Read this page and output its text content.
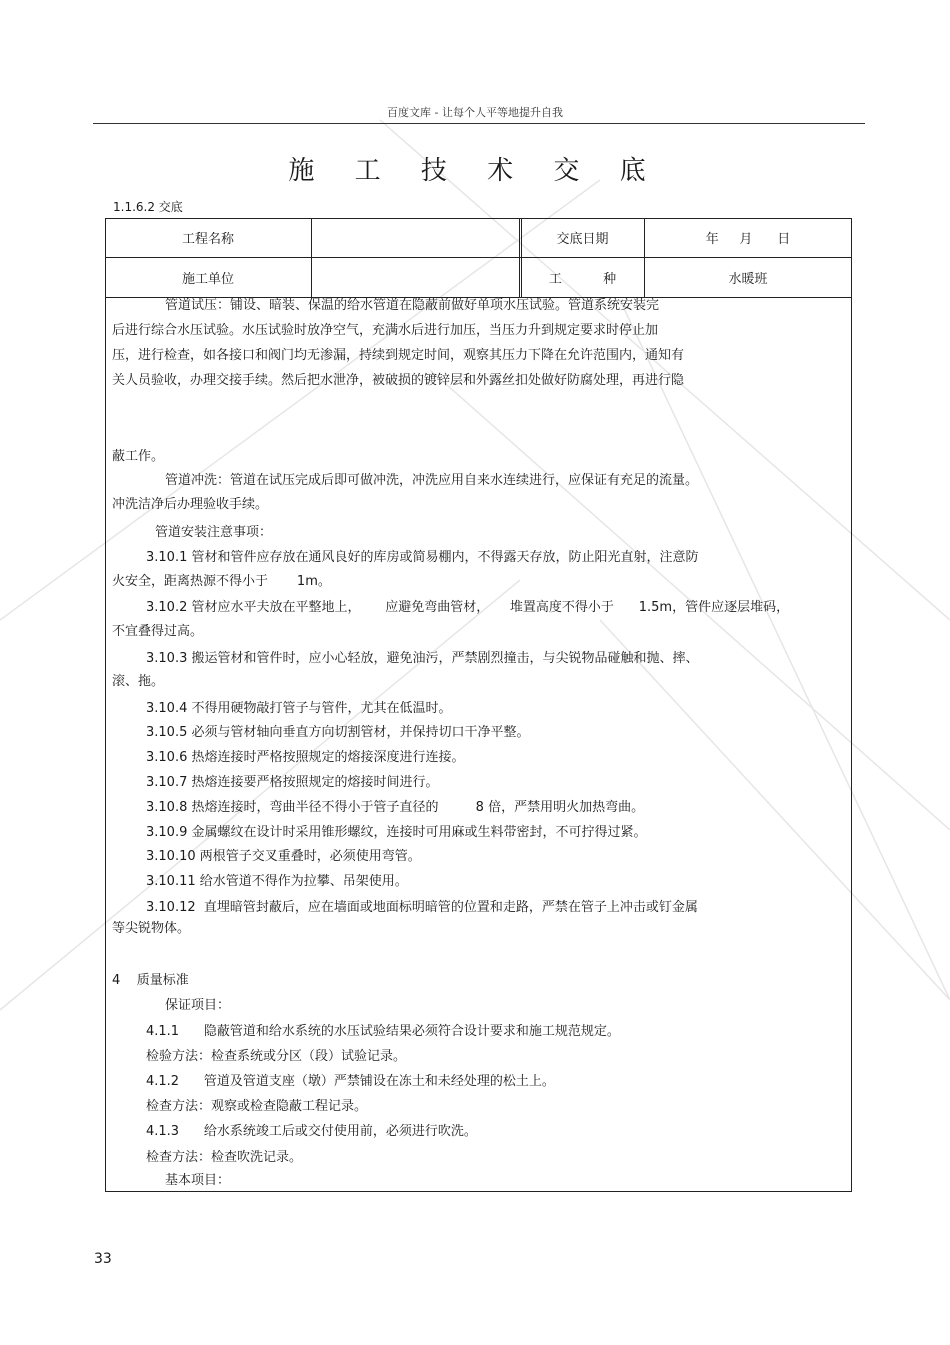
百度文库 - 让每个人平等地提升自我
施 工 技 术 交 底
1.1.6.2 交底
工程名称	交底日期	年     月      日
施工单位	工          种	水暖班
管道试压：铺设、暗装、保温的给水管道在隐蔽前做好单项水压试验。管道系统安装完
后进行综合水压试验。水压试验时放净空气，充满水后进行加压，当压力升到规定要求时停止加
压，进行检查，如各接口和阀门均无渗漏，持续到规定时间，观察其压力下降在允许范围内，通知有
关人员验收，办理交接手续。然后把水泄净，被破损的镀锌层和外露丝扣处做好防腐处理，再进行隐
蔽工作。
管道冲洗：管道在试压完成后即可做冲洗，冲洗应用自来水连续进行，应保证有充足的流量。
冲洗洁净后办理验收手续。
管道安装注意事项：
3.10.1 管材和管件应存放在通风良好的库房或简易棚内，不得露天存放，防止阳光直射，注意防
火安全，距离热源不得小于       1m。
3.10.2 管材应水平夫放在平整地上，      应避免弯曲管材，     堆置高度不得小于      1.5m，管件应逐层堆码，
不宜叠得过高。
3.10.3 搬运管材和管件时，应小心轻放，避免油污，严禁剧烈撞击，与尖锐物品碰触和抛、摔、
滚、拖。
3.10.4 不得用硬物敲打管子与管件，尤其在低温时。
3.10.5 必须与管材轴向垂直方向切割管材，并保持切口干净平整。
3.10.6 热熔连接时严格按照规定的熔接深度进行连接。
3.10.7 热熔连接要严格按照规定的熔接时间进行。
3.10.8 热熔连接时，弯曲半径不得小于管子直径的         8 倍，严禁用明火加热弯曲。
3.10.9 金属螺纹在设计时采用锥形螺纹，连接时可用麻或生料带密封，不可拧得过紧。
3.10.10 两根管子交叉重叠时，必须使用弯管。
3.10.11 给水管道不得作为拉攀、吊架使用。
3.10.12  直埋暗管封蔽后，应在墙面或地面标明暗管的位置和走路，严禁在管子上冲击或钉金属
等尖锐物体。
4    质量标准
保证项目：
4.1.1      隐蔽管道和给水系统的水压试验结果必须符合设计要求和施工规范规定。
检验方法：检查系统或分区（段）试验记录。
4.1.2      管道及管道支座（墩）严禁铺设在冻土和未经处理的松土上。
检查方法：观察或检查隐蔽工程记录。
4.1.3      给水系统竣工后或交付使用前，必须进行吹洗。
检查方法：检查吹洗记录。
基本项目：
33
